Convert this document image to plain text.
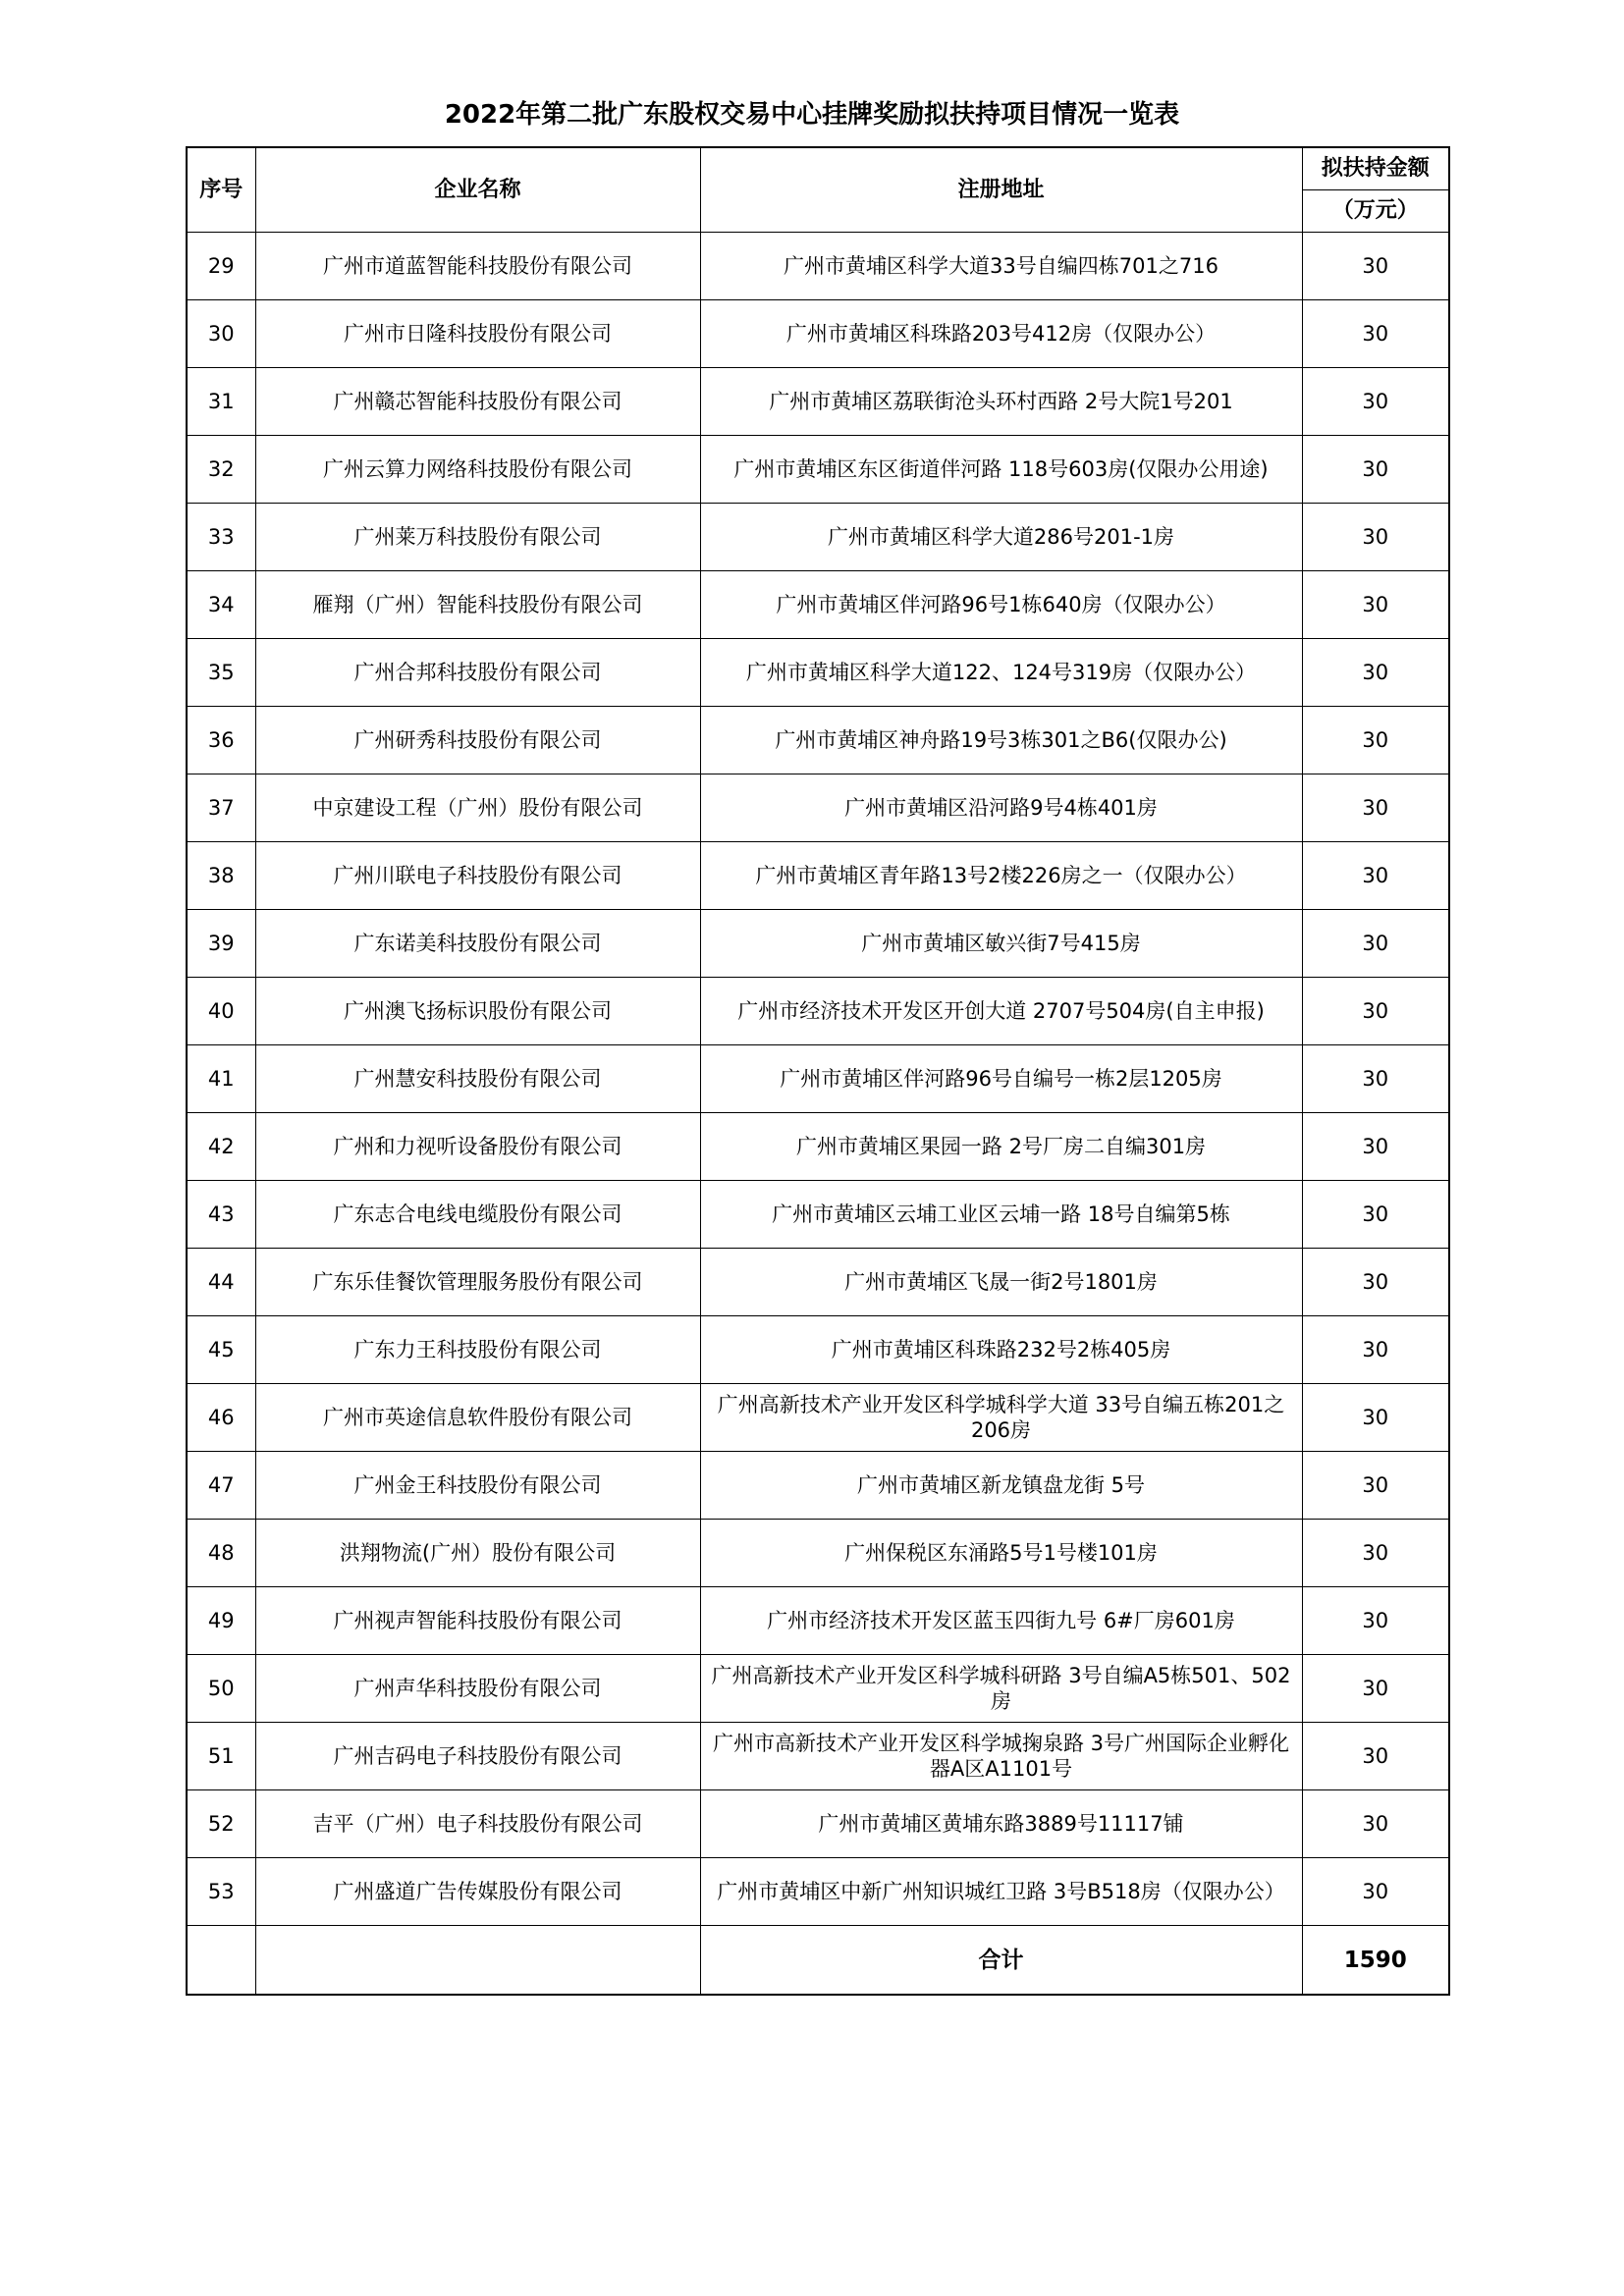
2022年第二批广东股权交易中心挂牌奖励拟扶持项目情况一览表
序号	企业名称	注册地址	拟扶持金额
			（万元）
29	广州市道蓝智能科技股份有限公司	广州市黄埔区科学大道33号自编四栋701之716	30
30	广州市日隆科技股份有限公司	广州市黄埔区科珠路203号412房（仅限办公）	30
31	广州赣芯智能科技股份有限公司	广州市黄埔区荔联街沧头环村西路 2号大院1号201	30
32	广州云算力网络科技股份有限公司	广州市黄埔区东区街道伴河路 118号603房(仅限办公用途)	30
33	广州莱万科技股份有限公司	广州市黄埔区科学大道286号201-1房	30
34	雁翔（广州）智能科技股份有限公司	广州市黄埔区伴河路96号1栋640房（仅限办公）	30
35	广州合邦科技股份有限公司	广州市黄埔区科学大道122、124号319房（仅限办公）	30
36	广州研秀科技股份有限公司	广州市黄埔区神舟路19号3栋301之B6(仅限办公)	30
37	中京建设工程（广州）股份有限公司	广州市黄埔区沿河路9号4栋401房	30
38	广州川联电子科技股份有限公司	广州市黄埔区青年路13号2楼226房之一（仅限办公）	30
39	广东诺美科技股份有限公司	广州市黄埔区敏兴街7号415房	30
40	广州澳飞扬标识股份有限公司	广州市经济技术开发区开创大道 2707号504房(自主申报)	30
41	广州慧安科技股份有限公司	广州市黄埔区伴河路96号自编号一栋2层1205房	30
42	广州和力视听设备股份有限公司	广州市黄埔区果园一路 2号厂房二自编301房	30
43	广东志合电线电缆股份有限公司	广州市黄埔区云埔工业区云埔一路 18号自编第5栋	30
44	广东乐佳餐饮管理服务股份有限公司	广州市黄埔区飞晟一街2号1801房	30
45	广东力王科技股份有限公司	广州市黄埔区科珠路232号2栋405房	30
46	广州市英途信息软件股份有限公司	广州高新技术产业开发区科学城科学大道 33号自编五栋201之206房	30
47	广州金王科技股份有限公司	广州市黄埔区新龙镇盘龙街 5号	30
48	洪翔物流(广州）股份有限公司	广州保税区东涌路5号1号楼101房	30
49	广州视声智能科技股份有限公司	广州市经济技术开发区蓝玉四街九号 6#厂房601房	30
50	广州声华科技股份有限公司	广州高新技术产业开发区科学城科研路 3号自编A5栋501、502房	30
51	广州吉码电子科技股份有限公司	广州市高新技术产业开发区科学城掬泉路 3号广州国际企业孵化器A区A1101号	30
52	吉平（广州）电子科技股份有限公司	广州市黄埔区黄埔东路3889号11117铺	30
53	广州盛道广告传媒股份有限公司	广州市黄埔区中新广州知识城红卫路 3号B518房（仅限办公）	30
		合计	1590
